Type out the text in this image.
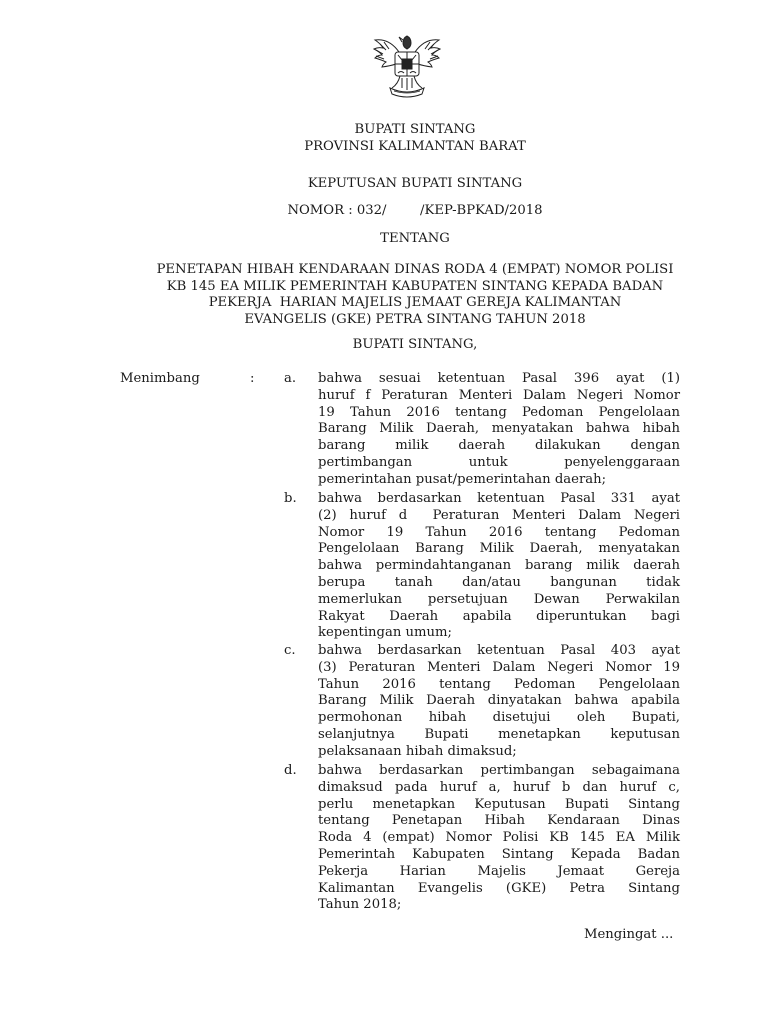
BUPATI SINTANG
PROVINSI KALIMANTAN BARAT
KEPUTUSAN BUPATI SINTANG
NOMOR : 032/        /KEP-BPKAD/2018
TENTANG
PENETAPAN HIBAH KENDARAAN DINAS RODA 4 (EMPAT) NOMOR POLISI
KB 145 EA MILIK PEMERINTAH KABUPATEN SINTANG KEPADA BADAN
PEKERJA  HARIAN MAJELIS JEMAAT GEREJA KALIMANTAN
EVANGELIS (GKE) PETRA SINTANG TAHUN 2018
BUPATI SINTANG,
Menimbang	: a. bahwa sesuai ketentuan Pasal 396 ayat (1)
huruf f Peraturan Menteri Dalam Negeri Nomor
19 Tahun 2016 tentang Pedoman Pengelolaan
Barang Milik Daerah, menyatakan bahwa hibah
barang milik daerah dilakukan dengan
pertimbangan untuk penyelenggaraan
pemerintahan pusat/pemerintahan daerah;
b. bahwa berdasarkan ketentuan Pasal 331 ayat
(2) huruf d  Peraturan Menteri Dalam Negeri
Nomor 19 Tahun 2016 tentang Pedoman
Pengelolaan Barang Milik Daerah, menyatakan
bahwa permindahtanganan barang milik daerah
berupa tanah dan/atau bangunan tidak
memerlukan persetujuan Dewan Perwakilan
Rakyat Daerah apabila diperuntukan bagi
kepentingan umum;
c. bahwa berdasarkan ketentuan Pasal 403 ayat
(3) Peraturan Menteri Dalam Negeri Nomor 19
Tahun 2016 tentang Pedoman Pengelolaan
Barang Milik Daerah dinyatakan bahwa apabila
permohonan hibah disetujui oleh Bupati,
selanjutnya Bupati menetapkan keputusan
pelaksanaan hibah dimaksud;
d. bahwa berdasarkan pertimbangan sebagaimana
dimaksud pada huruf a, huruf b dan huruf c,
perlu menetapkan Keputusan Bupati Sintang
tentang Penetapan Hibah Kendaraan Dinas
Roda 4 (empat) Nomor Polisi KB 145 EA Milik
Pemerintah Kabupaten Sintang Kepada Badan
Pekerja Harian Majelis Jemaat Gereja
Kalimantan Evangelis (GKE) Petra Sintang
Tahun 2018;
Mengingat ...
